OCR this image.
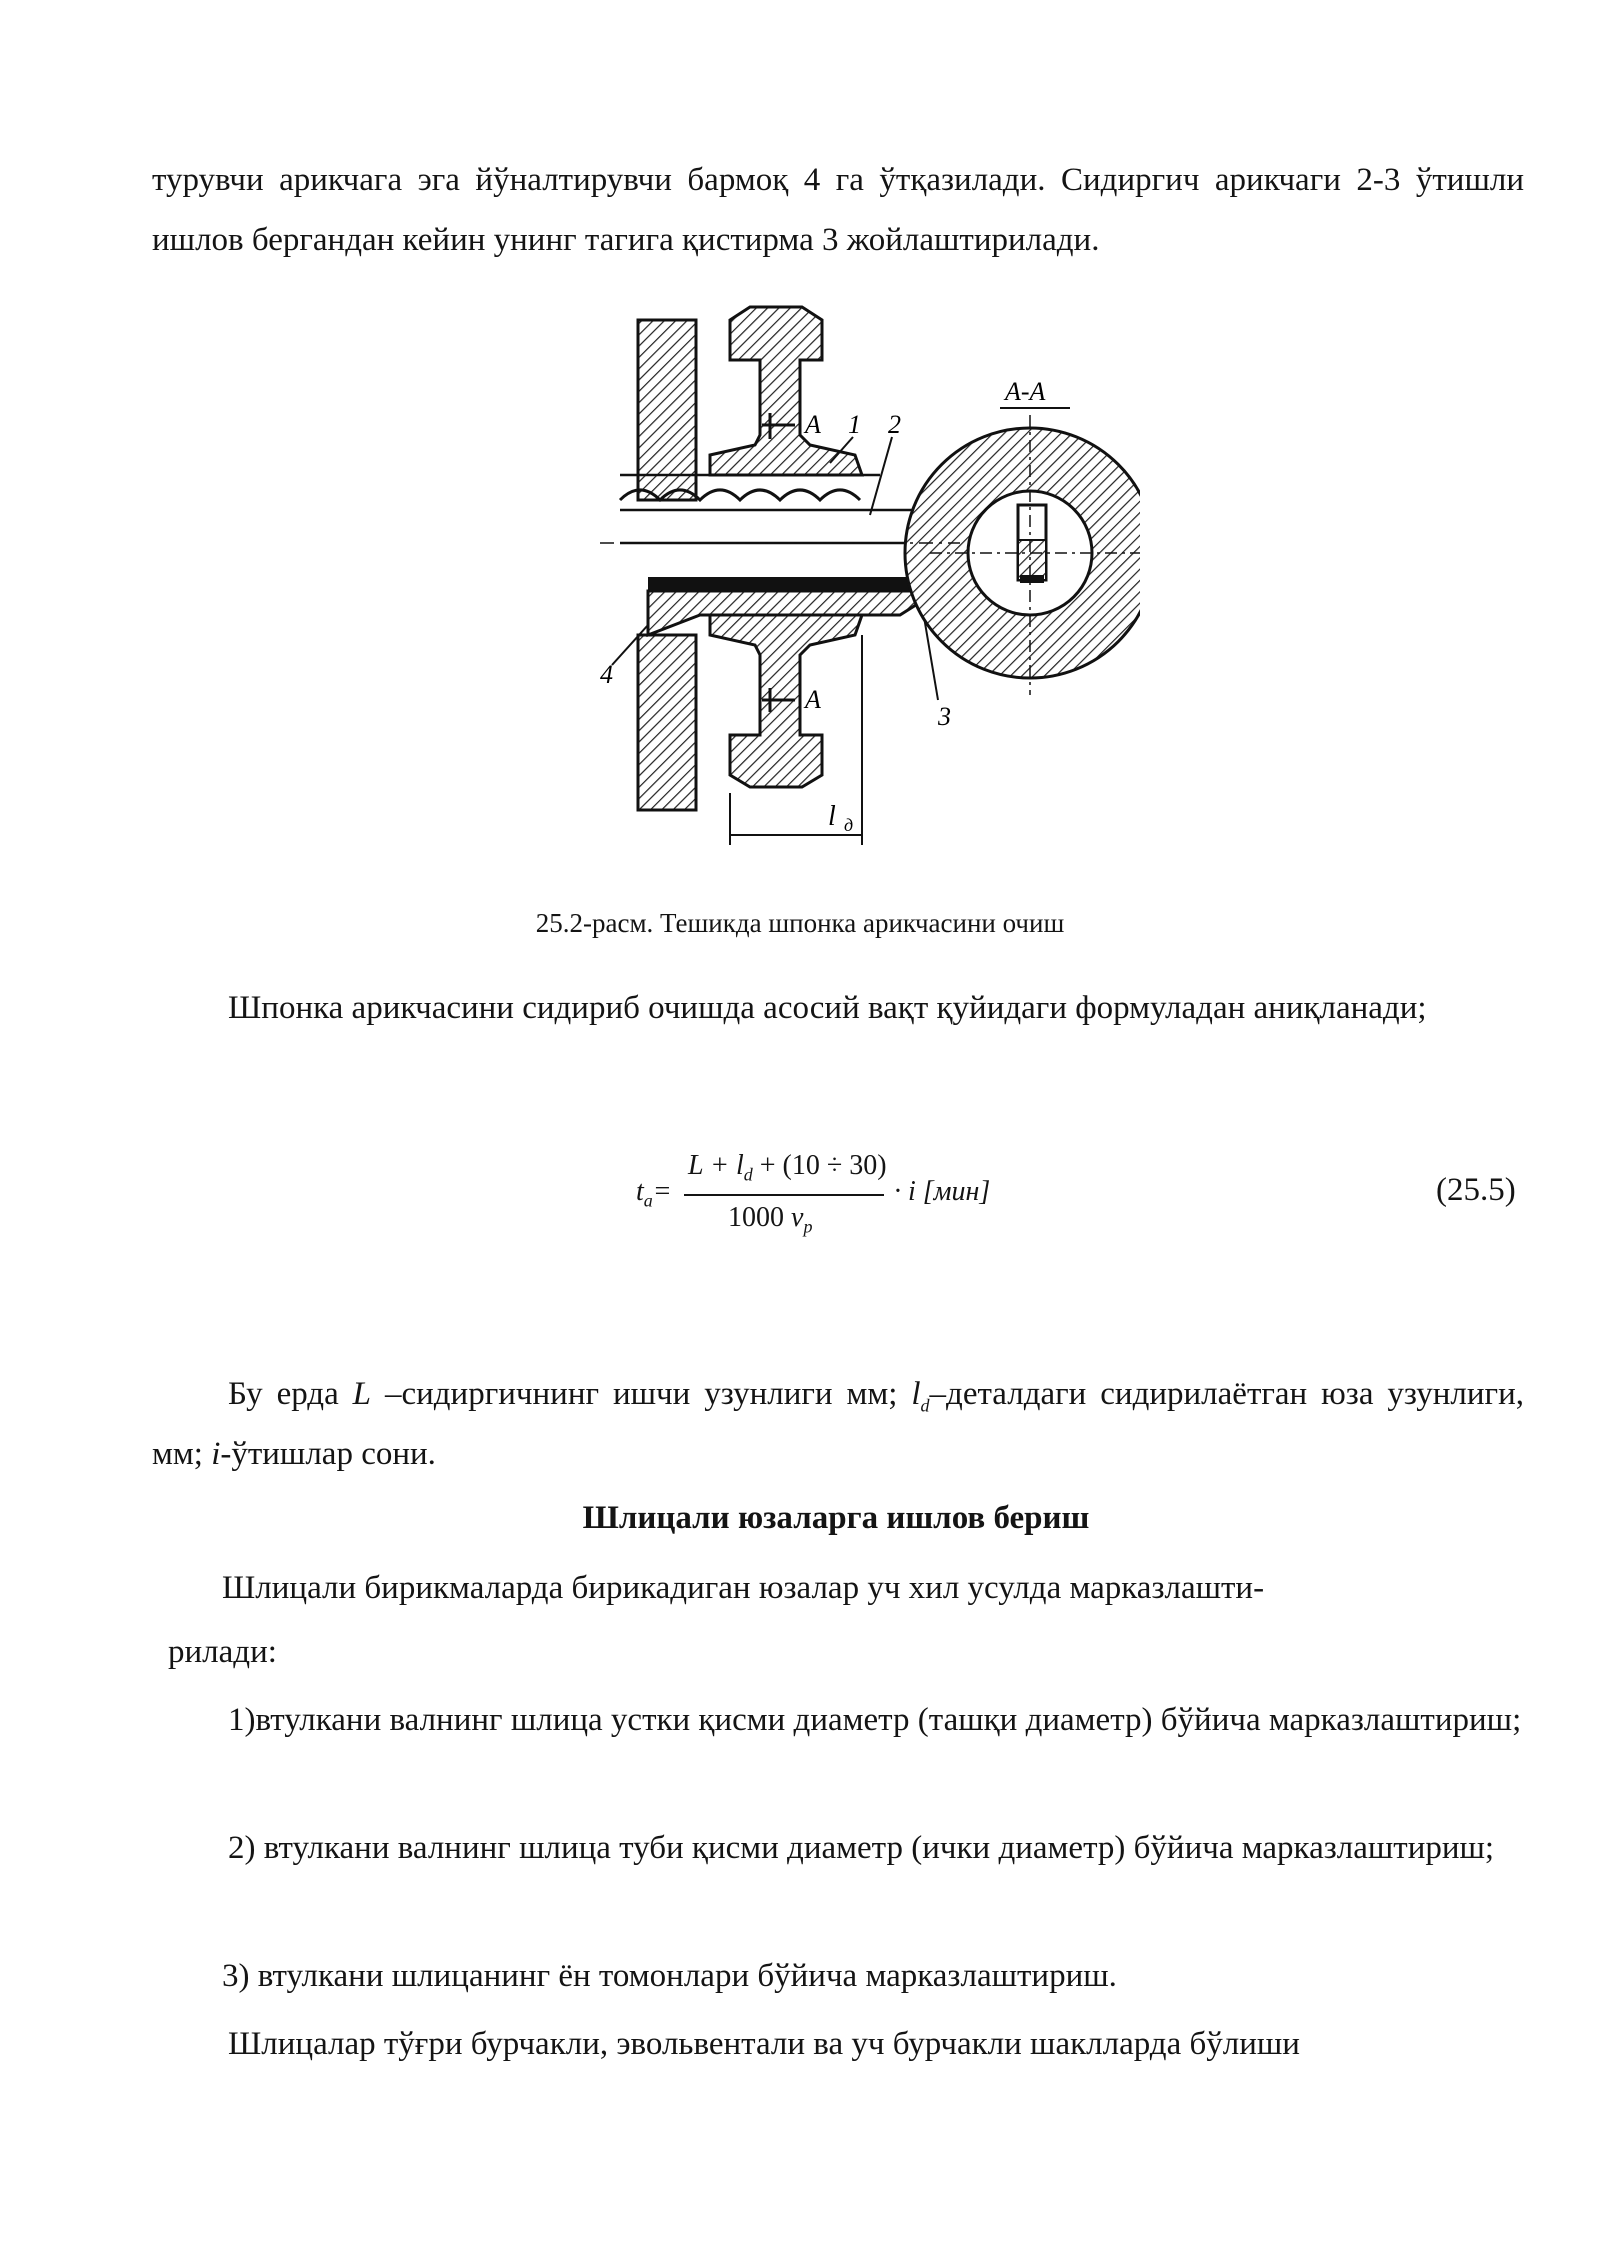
турувчи арикчага эга йўналтирувчи бармоқ 4 га ўтқазилади. Сидиргич арикчаги 2-3 ўтишли ишлов бергандан кейин унинг тагига қистирма 3 жойлаштирилади.
A
A
1 2
3
4
l д
A-A
25.2-расм. Тешикда шпонка арикчасини очиш
Шпонка арикчасини сидириб очишда асосий вақт қуйидаги формуладан аниқланади;
$t_a=$
$L + l_d + (10 \div 30)$
1000 $v_p$
· i [мин]	(25.5)
Бу ерда L –сидиргичнинг ишчи узунлиги мм; $l_d$–деталдаги сидирилаётган юза узунлиги, мм; i-ўтишлар сони.
Шлицали юзаларга ишлов бериш
Шлицали бирикмаларда бирикадиган юзалар уч хил усулда марказлашти-
рилади:
1)втулкани валнинг шлица устки қисми диаметр (ташқи диаметр) бўйича марказлаштириш;
2) втулкани валнинг шлица туби қисми диаметр (ички диаметр) бўйича марказлаштириш;
3) втулкани шлицанинг ён томонлари бўйича марказлаштириш.
Шлицалар тўғри бурчакли, эвольвентали ва уч бурчакли шаклларда бўлиши
